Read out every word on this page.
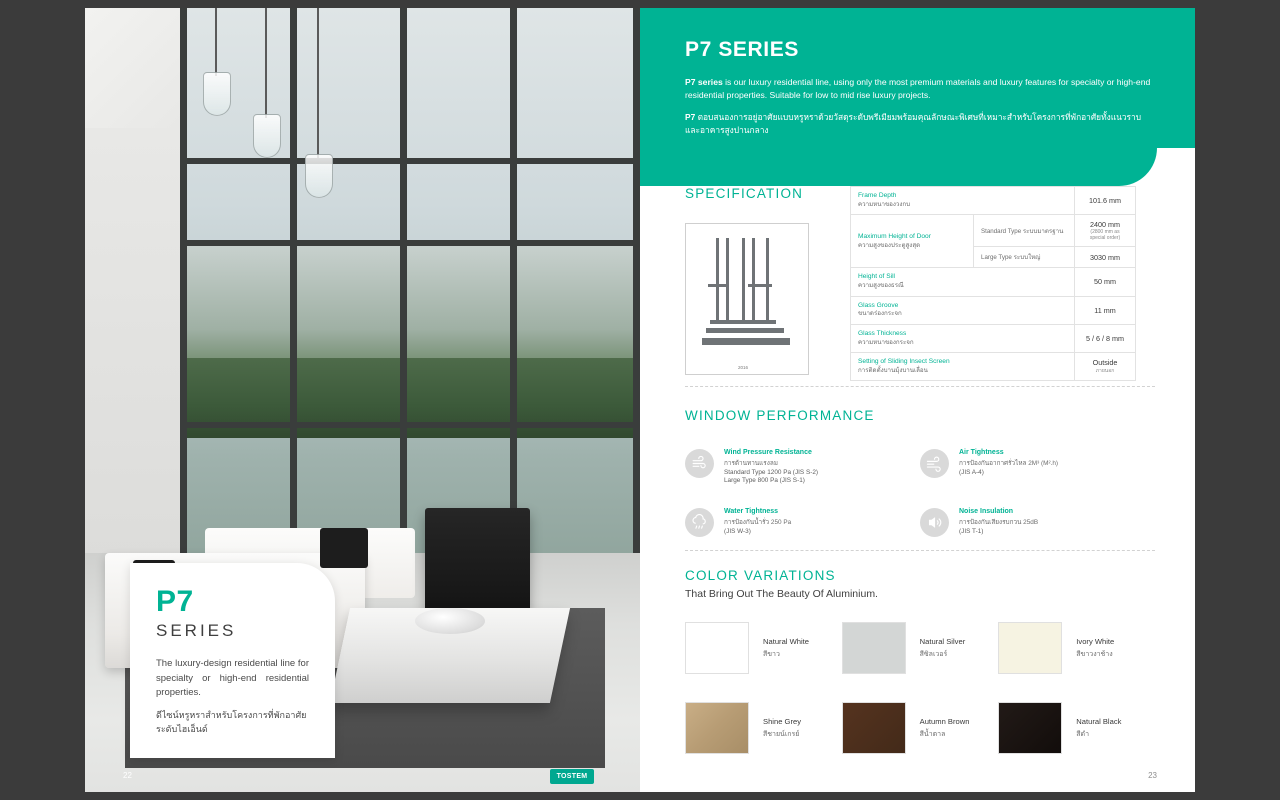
P7
SERIES
The luxury-design residential line for specialty or high-end residential properties.
ดีไซน์หรูหราสำหรับโครงการที่พักอาศัยระดับไฮเอ็นด์
22	TOSTEM
P7 SERIES
P7 series is our luxury residential line, using only the most premium materials and luxury features for specialty or high-end residential properties. Suitable for low to mid rise luxury projects.
P7 ตอบสนองการอยู่อาศัยแบบหรูหราด้วยวัสดุระดับพรีเมียมพร้อมคุณลักษณะพิเศษที่เหมาะสำหรับโครงการที่พักอาศัยทั้งแนวราบและอาคารสูงปานกลาง
SPECIFICATION
2016
Frame Depth
ความหนาของวงกบ		101.6 mm

Maximum Height of Door
ความสูงของประตูสูงสุด
	Standard Type ระบบมาตรฐาน	2400 mm
(2800 mm as special order)

	Large Type ระบบใหญ่	3030 mm

Height of Sill
ความสูงของธรณี		50 mm

Glass Groove
ขนาดร่องกระจก		11 mm

Glass Thickness
ความหนาของกระจก		5 / 6 / 8 mm

Setting of Sliding Insect Screen
การติดตั้งบานมุ้งบานเลื่อน
	Outside
ภายนอก
WINDOW PERFORMANCE
Wind Pressure Resistance
การต้านทานแรงลม
Standard Type 1200 Pa (JIS S-2)
Large Type 800 Pa (JIS S-1)
Air Tightness
การป้องกันอากาศรั่วไหล 2M³ (M².h)
(JIS A-4)
Water Tightness
การป้องกันน้ำรั่ว 250 Pa
(JIS W-3)
Noise Insulation
การป้องกันเสียงรบกวน 25dB
(JIS T-1)
COLOR VARIATIONS
That Bring Out The Beauty Of Aluminium.
Natural White
สีขาว
Natural Silver
สีซิลเวอร์
Ivory White
สีขาวงาช้าง
Shine Grey
สีชายน์เกรย์
Autumn Brown
สีน้ำตาล
Natural Black
สีดำ
23
